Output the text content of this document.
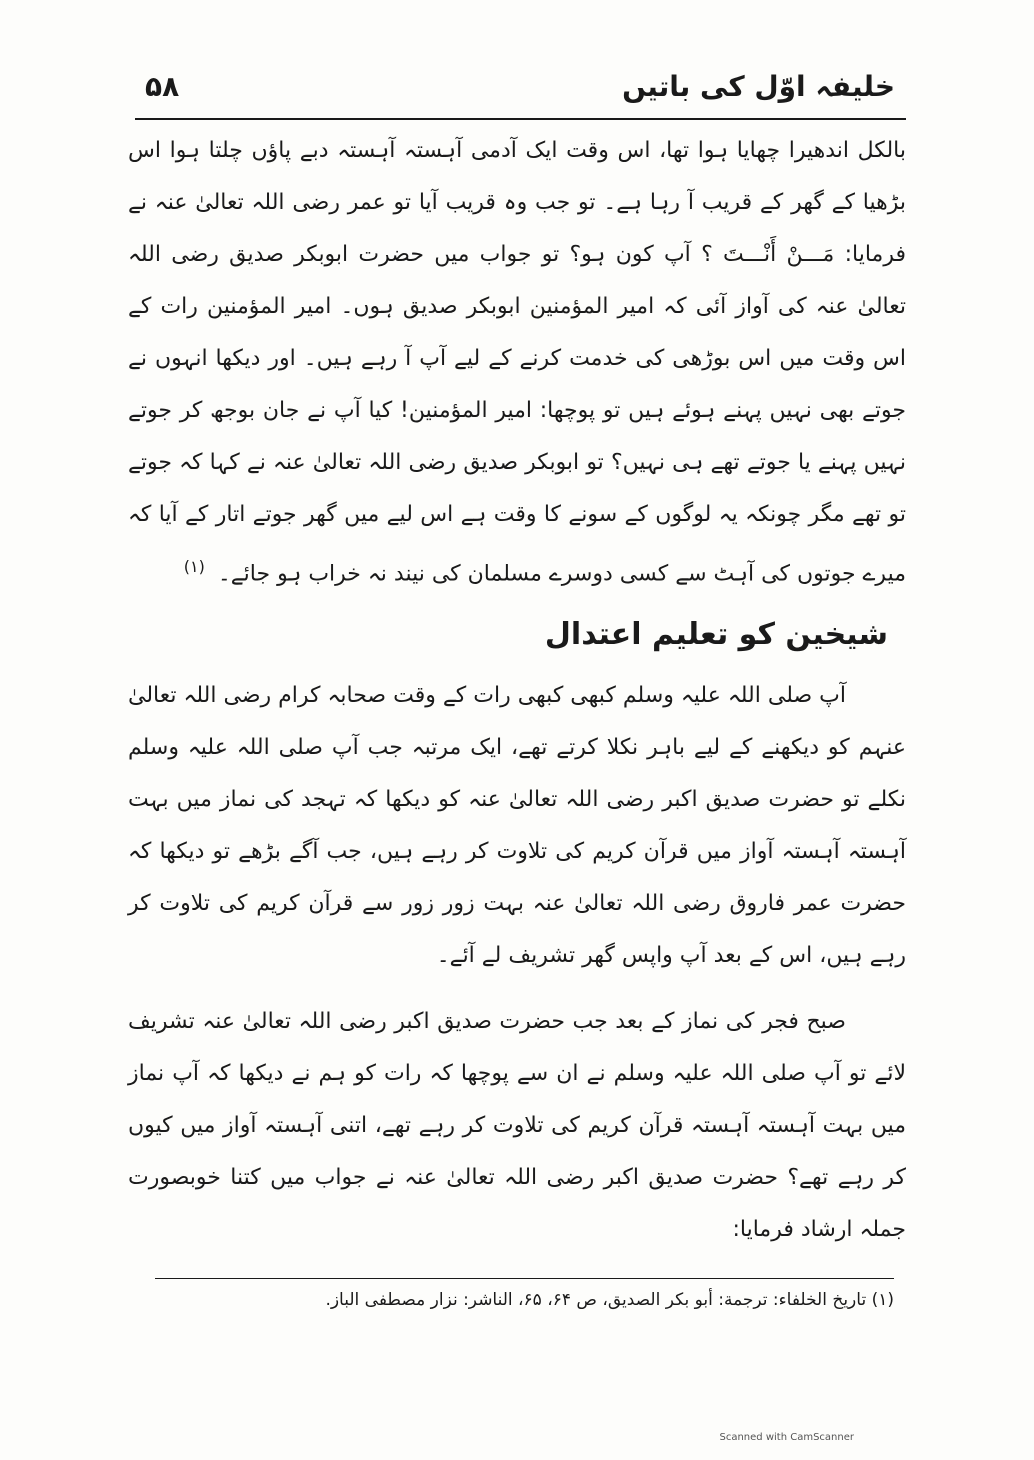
۵۸	خلیفہ اوّل کی باتیں

بالکل اندھیرا چھایا ہوا تھا، اس وقت ایک آدمی آہستہ آہستہ دبے پاؤں چلتا ہوا اس بڑھیا کے گھر کے قریب آ رہا ہے۔ تو جب وہ قریب آیا تو عمر رضی اللہ تعالیٰ عنہ نے فرمایا: مَـــنْ أَنْـــتَ ؟ آپ کون ہو؟ تو جواب میں حضرت ابوبکر صدیق رضی اللہ تعالیٰ عنہ کی آواز آئی کہ امیر المؤمنین ابوبکر صدیق ہوں۔ امیر المؤمنین رات کے اس وقت میں اس بوڑھی کی خدمت کرنے کے لیے آپ آ رہے ہیں۔ اور دیکھا انہوں نے جوتے بھی نہیں پہنے ہوئے ہیں تو پوچھا: امیر المؤمنین! کیا آپ نے جان بوجھ کر جوتے نہیں پہنے یا جوتے تھے ہی نہیں؟ تو ابوبکر صدیق رضی اللہ تعالیٰ عنہ نے کہا کہ جوتے تو تھے مگر چونکہ یہ لوگوں کے سونے کا وقت ہے اس لیے میں گھر جوتے اتار کے آیا کہ میرے جوتوں کی آہٹ سے کسی دوسرے مسلمان کی نیند نہ خراب ہو جائے۔ $^{(۱)}$

شیخین کو تعلیم اعتدال

آپ صلی اللہ علیہ وسلم کبھی کبھی رات کے وقت صحابہ کرام رضی اللہ تعالیٰ عنہم کو دیکھنے کے لیے باہر نکلا کرتے تھے، ایک مرتبہ جب آپ صلی اللہ علیہ وسلم نکلے تو حضرت صدیق اکبر رضی اللہ تعالیٰ عنہ کو دیکھا کہ تہجد کی نماز میں بہت آہستہ آہستہ آواز میں قرآن کریم کی تلاوت کر رہے ہیں، جب آگے بڑھے تو دیکھا کہ حضرت عمر فاروق رضی اللہ تعالیٰ عنہ بہت زور زور سے قرآن کریم کی تلاوت کر رہے ہیں، اس کے بعد آپ واپس گھر تشریف لے آئے۔

صبح فجر کی نماز کے بعد جب حضرت صدیق اکبر رضی اللہ تعالیٰ عنہ تشریف لائے تو آپ صلی اللہ علیہ وسلم نے ان سے پوچھا کہ رات کو ہم نے دیکھا کہ آپ نماز میں بہت آہستہ آہستہ قرآن کریم کی تلاوت کر رہے تھے، اتنی آہستہ آواز میں کیوں کر رہے تھے؟ حضرت صدیق اکبر رضی اللہ تعالیٰ عنہ نے جواب میں کتنا خوبصورت جملہ ارشاد فرمایا:

(۱) تاريخ الخلفاء: ترجمة: أبو بكر الصديق، ص ۶۴، ۶۵، الناشر: نزار مصطفى الباز.
Scanned with CamScanner
